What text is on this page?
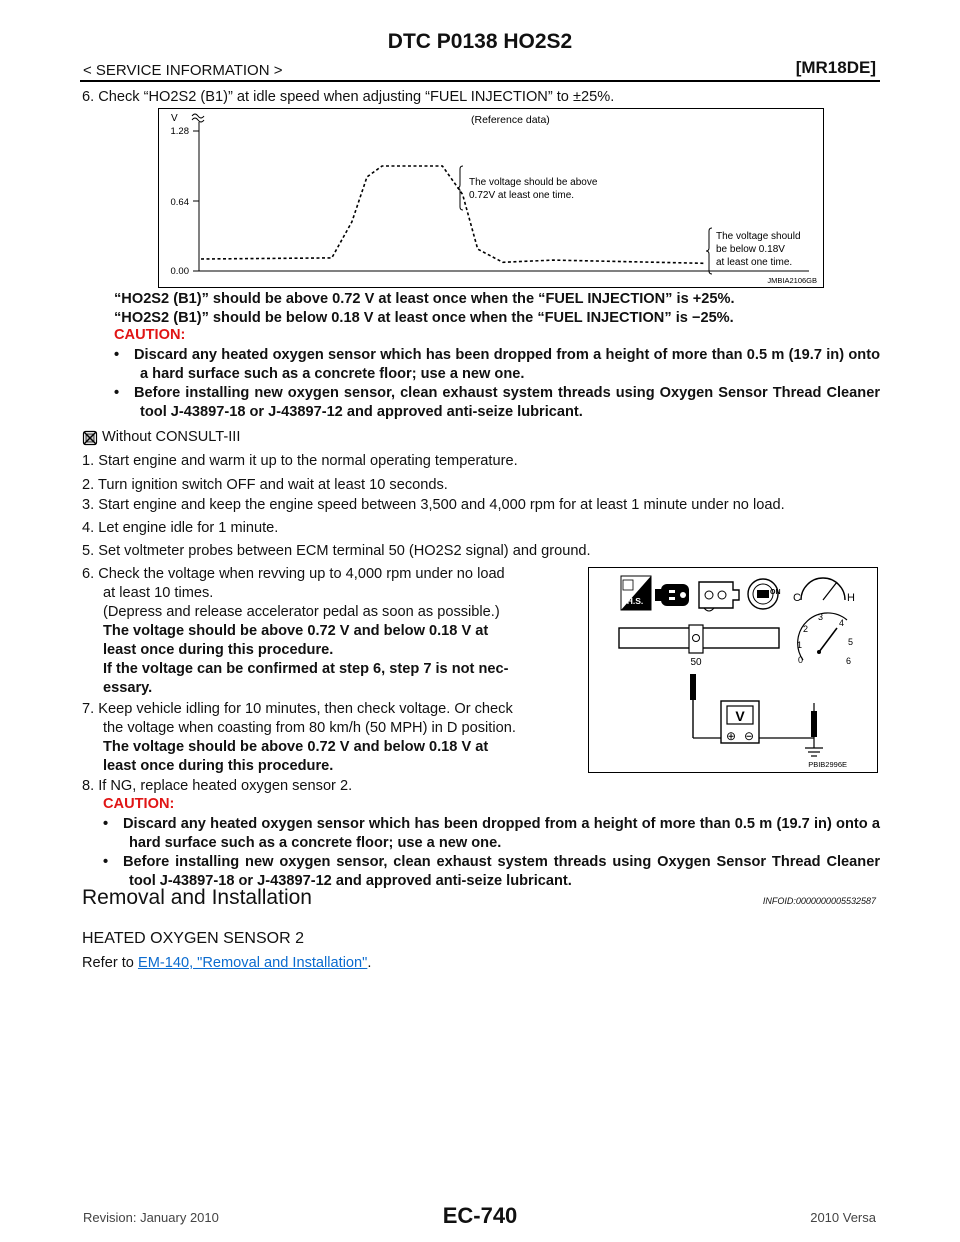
DTC P0138 HO2S2
< SERVICE INFORMATION >	[MR18DE]
6. Check “HO2S2 (B1)” at idle speed when adjusting “FUEL INJECTION” to ±25%.
V
1.28
0.64
0.00
(Reference data)
The voltage should be above
0.72V at least one time.
The voltage should
be below 0.18V
at least one time.
JMBIA2106GB
“HO2S2 (B1)” should be above 0.72 V at least once when the “FUEL INJECTION” is +25%.
“HO2S2 (B1)” should be below 0.18 V at least once when the “FUEL INJECTION” is −25%.
CAUTION:
•	Discard any heated oxygen sensor which has been dropped from a height of more than 0.5 m (19.7 in) onto a hard surface such as a concrete floor; use a new one.
•	Before installing new oxygen sensor, clean exhaust system threads using Oxygen Sensor Thread Cleaner tool J-43897-18 or J-43897-12 and approved anti-seize lubricant.
Without CONSULT-III
1. Start engine and warm it up to the normal operating temperature.
2. Turn ignition switch OFF and wait at least 10 seconds.
3. Start engine and keep the engine speed between 3,500 and 4,000 rpm for at least 1 minute under no load.
4. Let engine idle for 1 minute.
5. Set voltmeter probes between ECM terminal 50 (HO2S2 signal) and ground.
6. Check the voltage when revving up to 4,000 rpm under no load
at least 10 times.
(Depress and release accelerator pedal as soon as possible.)
The voltage should be above 0.72 V and below 0.18 V at
least once during this procedure.
If the voltage can be confirmed at step 6, step 7 is not nec-
essary.
7. Keep vehicle idling for 10 minutes, then check voltage. Or check
the voltage when coasting from 80 km/h (50 MPH) in D position.
The voltage should be above 0.72 V and below 0.18 V at
least once during this procedure.
8. If NG, replace heated oxygen sensor 2.
CAUTION:
•	Discard any heated oxygen sensor which has been dropped from a height of more than 0.5 m (19.7 in) onto a hard surface such as a concrete floor; use a new one.
•	Before installing new oxygen sensor, clean exhaust system threads using Oxygen Sensor Thread Cleaner tool J-43897-18 or J-43897-12 and approved anti-seize lubricant.
H.S.
ON C	H
0
1
2
3
4
5
6
50
V
⊕ ⊖
PBIB2996E
Removal and Installation	INFOID:0000000005532587
HEATED OXYGEN SENSOR 2
Refer to EM-140, "Removal and Installation".
Revision: January 2010	EC-740	2010 Versa
